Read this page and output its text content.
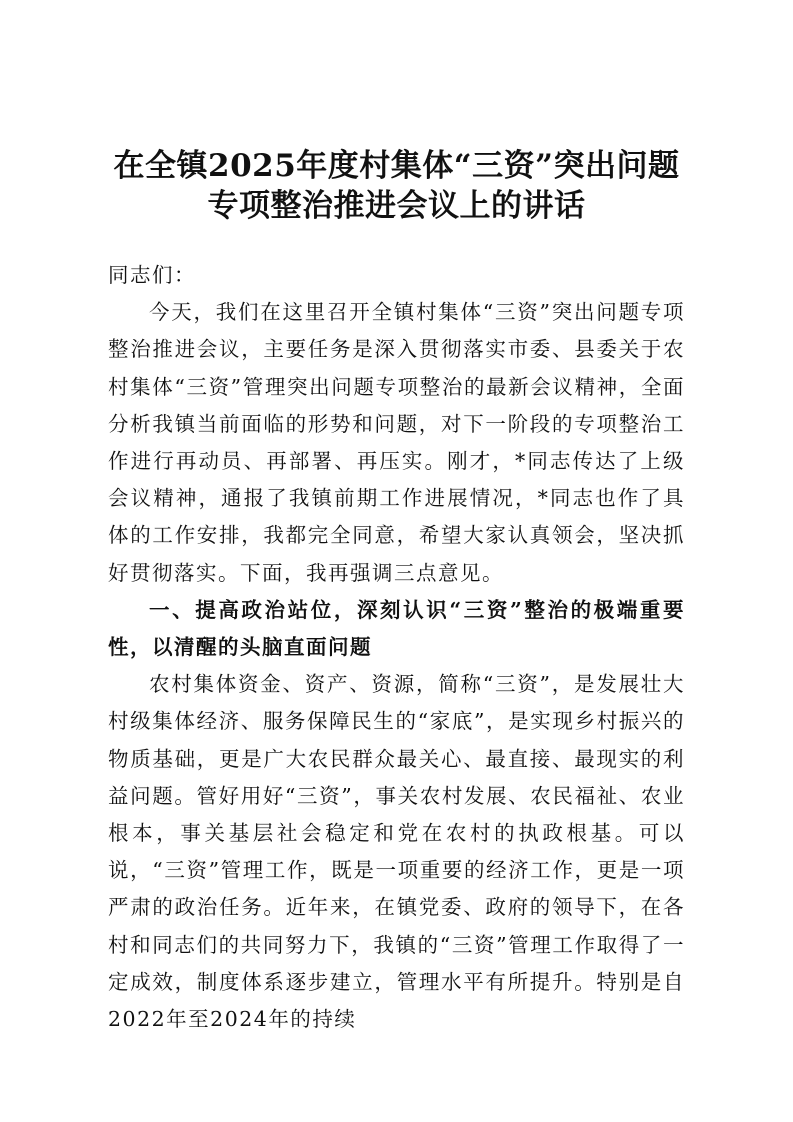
在全镇2025年度村集体“三资”突出问题
专项整治推进会议上的讲话

同志们：

今天，我们在这里召开全镇村集体“三资”突出问题专项整治推进会议，主要任务是深入贯彻落实市委、县委关于农村集体“三资”管理突出问题专项整治的最新会议精神，全面分析我镇当前面临的形势和问题，对下一阶段的专项整治工作进行再动员、再部署、再压实。刚才，*同志传达了上级会议精神，通报了我镇前期工作进展情况，*同志也作了具体的工作安排，我都完全同意，希望大家认真领会，坚决抓好贯彻落实。下面，我再强调三点意见。

一、提高政治站位，深刻认识“三资”整治的极端重要性，以清醒的头脑直面问题

农村集体资金、资产、资源，简称“三资”，是发展壮大村级集体经济、服务保障民生的“家底”，是实现乡村振兴的物质基础，更是广大农民群众最关心、最直接、最现实的利益问题。管好用好“三资”，事关农村发展、农民福祉、农业根本，事关基层社会稳定和党在农村的执政根基。可以说，“三资”管理工作，既是一项重要的经济工作，更是一项严肃的政治任务。近年来，在镇党委、政府的领导下，在各村和同志们的共同努力下，我镇的“三资”管理工作取得了一定成效，制度体系逐步建立，管理水平有所提升。特别是自2022年至2024年的持续
